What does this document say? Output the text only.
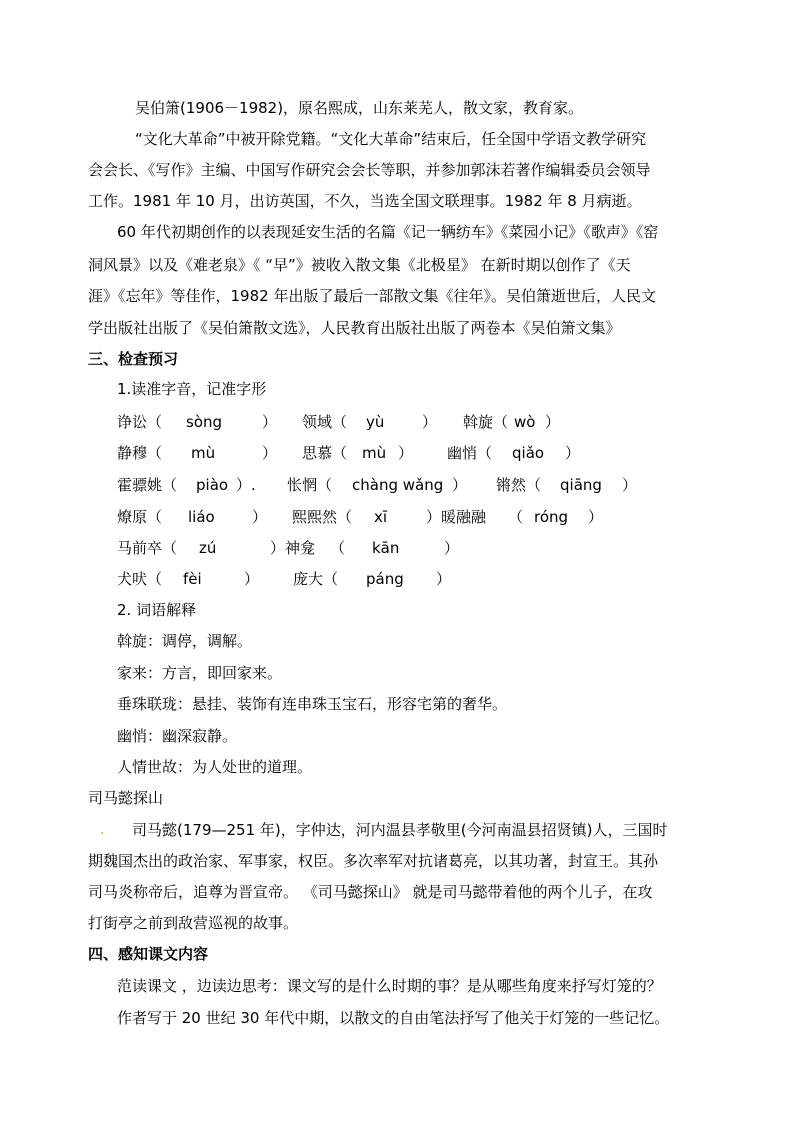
吴伯箫(1906－1982)，原名熙成，山东莱芜人，散文家，教育家。
“文化大革命”中被开除党籍。“文化大革命”结束后，任全国中学语文教学研究
会会长、《写作》主编、中国写作研究会会长等职，并参加郭沫若著作编辑委员会领导
工作。1981 年 10 月，出访英国，不久，当选全国文联理事。1982 年 8 月病逝。
60 年代初期创作的以表现延安生活的名篇《记一辆纺车》《菜园小记》《歌声》《窑
洞风景》以及《难老泉》《 “早”》被收入散文集《北极星》 在新时期以创作了《天
涯》《忘年》等佳作，1982 年出版了最后一部散文集《往年》。吴伯箫逝世后，人民文
学出版社出版了《吴伯箫散文选》，人民教育出版社出版了两卷本《吴伯箫文集》
三、检查预习
1.读准字音，记准字形
诤讼（ sòng	） 领域（ yù	） 斡旋（ wò ）
静穆（ mù	） 思慕（ mù ） 幽悄（ qiǎo ）
霍骠姚（ piào ）. 怅惘（ chàng wǎng ） 锵然（ qiāng ）
燎原（ liáo ） 熙熙然（ xī	）暖融融 （ róng ）
马前卒（ zú	）神龛 （ kān	）
犬吠（ fèi	） 庞大（ páng ）
2. 词语解释
斡旋：调停，调解。
家来：方言，即回家来。
垂珠联珑：悬挂、装饰有连串珠玉宝石，形容宅第的奢华。
幽悄：幽深寂静。
人情世故：为人处世的道理。
司马懿探山
. 司马懿(179—251 年)，字仲达，河内温县孝敬里(今河南温县招贤镇)人，三国时
期魏国杰出的政治家、军事家，权臣。多次率军对抗诸葛亮，以其功著，封宣王。其孙
司马炎称帝后，追尊为晋宣帝。 《司马懿探山》 就是司马懿带着他的两个儿子，在攻
打街亭之前到敌营巡视的故事。
四、感知课文内容
范读课文 ，边读边思考：课文写的是什么时期的事？是从哪些角度来抒写灯笼的？
作者写于 20 世纪 30 年代中期，以散文的自由笔法抒写了他关于灯笼的一些记忆。
